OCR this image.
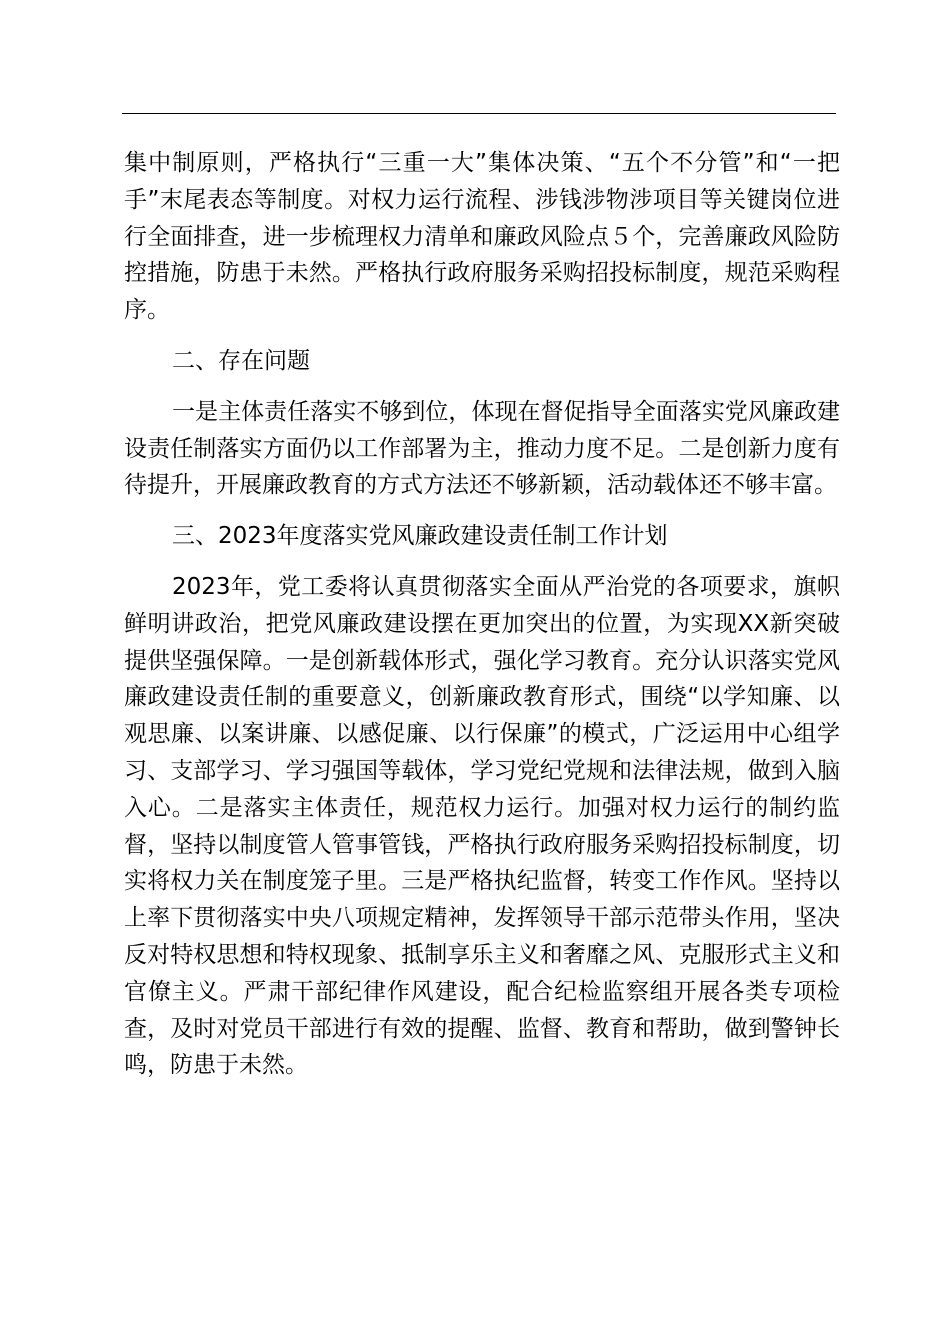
集中制原则，严格执行“三重一大”集体决策、“五个不分管”和“一把手”末尾表态等制度。对权力运行流程、涉钱涉物涉项目等关键岗位进行全面排查，进一步梳理权力清单和廉政风险点５个，完善廉政风险防控措施，防患于未然。严格执行政府服务采购招投标制度，规范采购程序。

二、存在问题

一是主体责任落实不够到位，体现在督促指导全面落实党风廉政建设责任制落实方面仍以工作部署为主，推动力度不足。二是创新力度有待提升，开展廉政教育的方式方法还不够新颖，活动载体还不够丰富。

三、2023年度落实党风廉政建设责任制工作计划

2023年，党工委将认真贯彻落实全面从严治党的各项要求，旗帜鲜明讲政治，把党风廉政建设摆在更加突出的位置，为实现XX新突破提供坚强保障。一是创新载体形式，强化学习教育。充分认识落实党风廉政建设责任制的重要意义，创新廉政教育形式，围绕“以学知廉、以观思廉、以案讲廉、以感促廉、以行保廉”的模式，广泛运用中心组学习、支部学习、学习强国等载体，学习党纪党规和法律法规，做到入脑入心。二是落实主体责任，规范权力运行。加强对权力运行的制约监督，坚持以制度管人管事管钱，严格执行政府服务采购招投标制度，切实将权力关在制度笼子里。三是严格执纪监督，转变工作作风。坚持以上率下贯彻落实中央八项规定精神，发挥领导干部示范带头作用，坚决反对特权思想和特权现象、抵制享乐主义和奢靡之风、克服形式主义和官僚主义。严肃干部纪律作风建设，配合纪检监察组开展各类专项检查，及时对党员干部进行有效的提醒、监督、教育和帮助，做到警钟长鸣，防患于未然。
